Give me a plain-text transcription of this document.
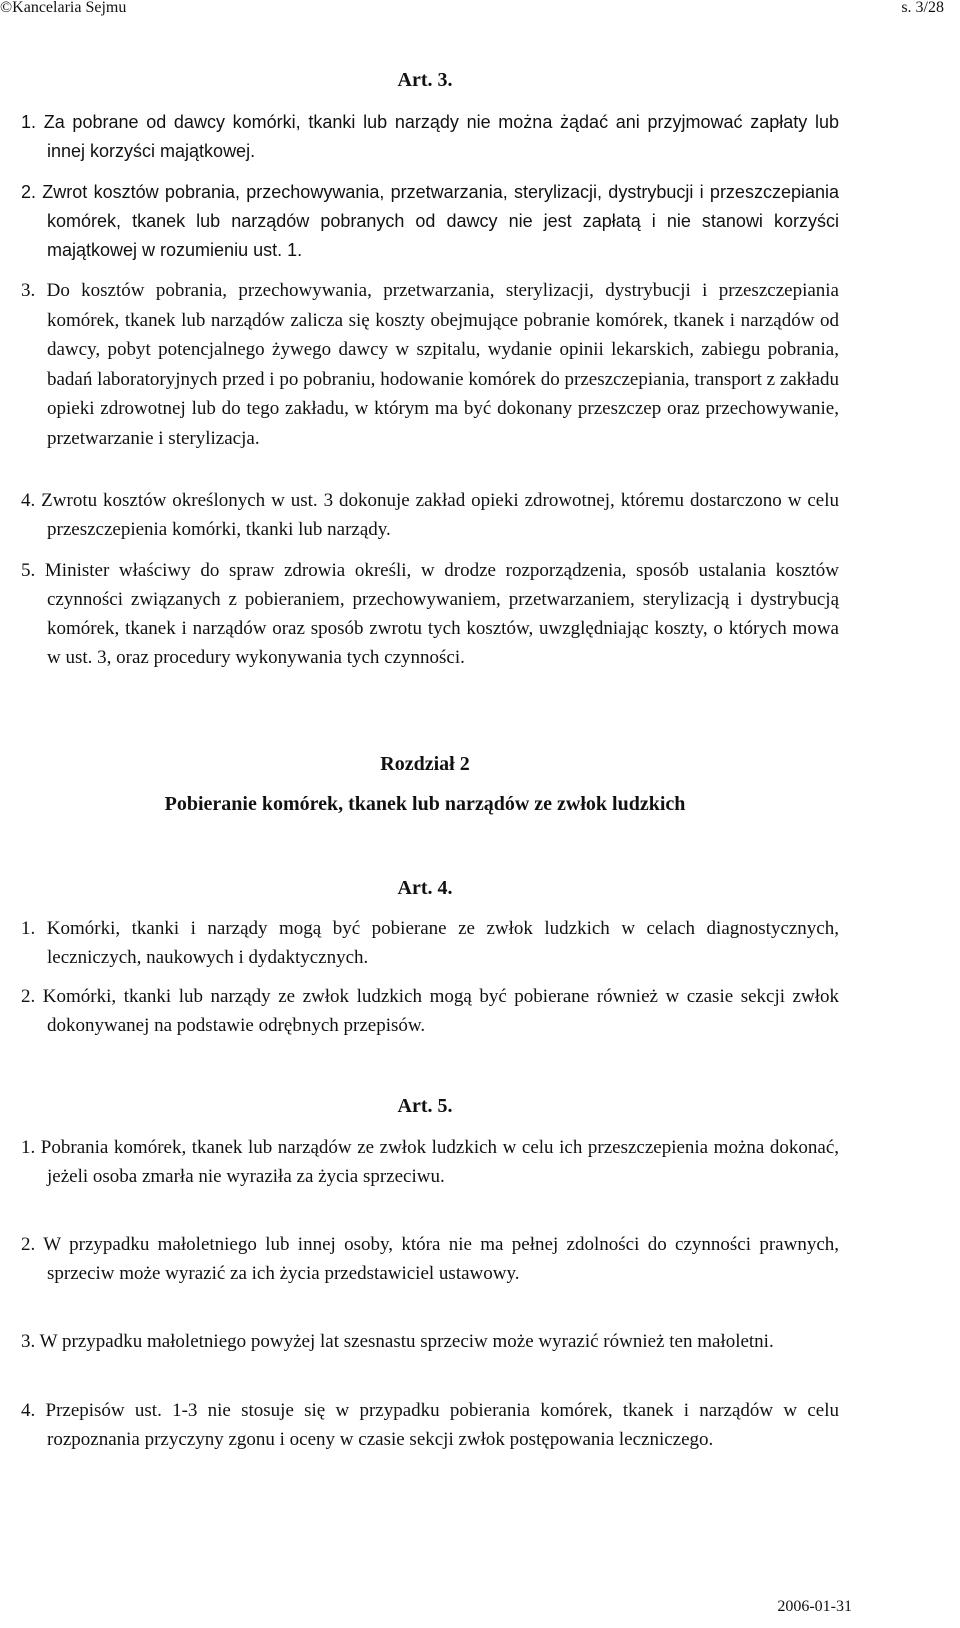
©Kancelaria Sejmu	s. 3/28
Art. 3.
1. Za pobrane od dawcy komórki, tkanki lub narządy nie można żądać ani przyjmować zapłaty lub innej korzyści majątkowej.
2. Zwrot kosztów pobrania, przechowywania, przetwarzania, sterylizacji, dystrybucji i przeszczepiania komórek, tkanek lub narządów pobranych od dawcy nie jest zapłatą i nie stanowi korzyści majątkowej w rozumieniu ust. 1.
3. Do kosztów pobrania, przechowywania, przetwarzania, sterylizacji, dystrybucji i przeszczepiania komórek, tkanek lub narządów zalicza się koszty obejmujące pobranie komórek, tkanek i narządów od dawcy, pobyt potencjalnego żywego dawcy w szpitalu, wydanie opinii lekarskich, zabiegu pobrania, badań laboratoryjnych przed i po pobraniu, hodowanie komórek do przeszczepiania, transport z zakładu opieki zdrowotnej lub do tego zakładu, w którym ma być dokonany przeszczep oraz przechowywanie, przetwarzanie i sterylizacja.
4. Zwrotu kosztów określonych w ust. 3 dokonuje zakład opieki zdrowotnej, któremu dostarczono w celu przeszczepienia komórki, tkanki lub narządy.
5. Minister właściwy do spraw zdrowia określi, w drodze rozporządzenia, sposób ustalania kosztów czynności związanych z pobieraniem, przechowywaniem, przetwarzaniem, sterylizacją i dystrybucją komórek, tkanek i narządów oraz sposób zwrotu tych kosztów, uwzględniając koszty, o których mowa w ust. 3, oraz procedury wykonywania tych czynności.
Rozdział 2
Pobieranie komórek, tkanek lub narządów ze zwłok ludzkich
Art. 4.
1. Komórki, tkanki i narządy mogą być pobierane ze zwłok ludzkich w celach diagnostycznych, leczniczych, naukowych i dydaktycznych.
2. Komórki, tkanki lub narządy ze zwłok ludzkich mogą być pobierane również w czasie sekcji zwłok dokonywanej na podstawie odrębnych przepisów.
Art. 5.
1. Pobrania komórek, tkanek lub narządów ze zwłok ludzkich w celu ich przeszczepienia można dokonać, jeżeli osoba zmarła nie wyraziła za życia sprzeciwu.
2. W przypadku małoletniego lub innej osoby, która nie ma pełnej zdolności do czynności prawnych, sprzeciw może wyrazić za ich życia przedstawiciel ustawowy.
3. W przypadku małoletniego powyżej lat szesnastu sprzeciw może wyrazić również ten małoletni.
4. Przepisów ust. 1-3 nie stosuje się w przypadku pobierania komórek, tkanek i narządów w celu rozpoznania przyczyny zgonu i oceny w czasie sekcji zwłok postępowania leczniczego.
2006-01-31
